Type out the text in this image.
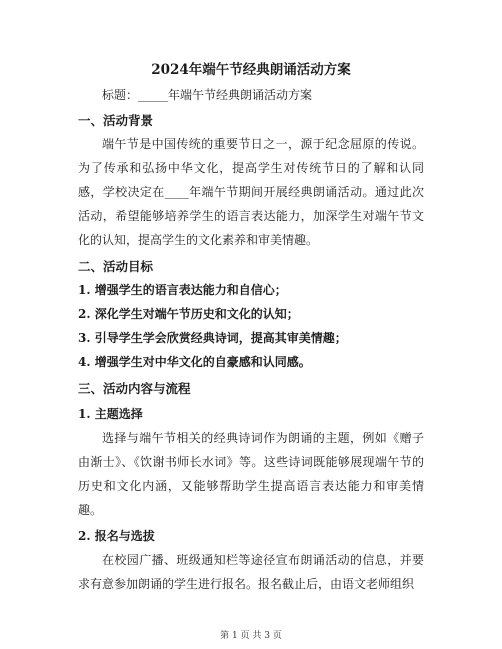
2024年端午节经典朗诵活动方案
标题：_____年端午节经典朗诵活动方案
一、活动背景

端午节是中国传统的重要节日之一，源于纪念屈原的传说。为了传承和弘扬中华文化，提高学生对传统节日的了解和认同感，学校决定在____年端午节期间开展经典朗诵活动。通过此次活动，希望能够培养学生的语言表达能力，加深学生对端午节文化的认知，提高学生的文化素养和审美情趣。

二、活动目标

1. 增强学生的语言表达能力和自信心；

2. 深化学生对端午节历史和文化的认知；

3. 引导学生学会欣赏经典诗词，提高其审美情趣；

4. 增强学生对中华文化的自豪感和认同感。

三、活动内容与流程
1. 主题选择

选择与端午节相关的经典诗词作为朗诵的主题，例如《赠子由渐士》、《饮谢书师长水词》等。这些诗词既能够展现端午节的历史和文化内涵，又能够帮助学生提高语言表达能力和审美情趣。

2. 报名与选拔

在校园广播、班级通知栏等途径宣布朗诵活动的信息，并要求有意参加朗诵的学生进行报名。报名截止后，由语文老师组织

第 1 页 共 3 页
